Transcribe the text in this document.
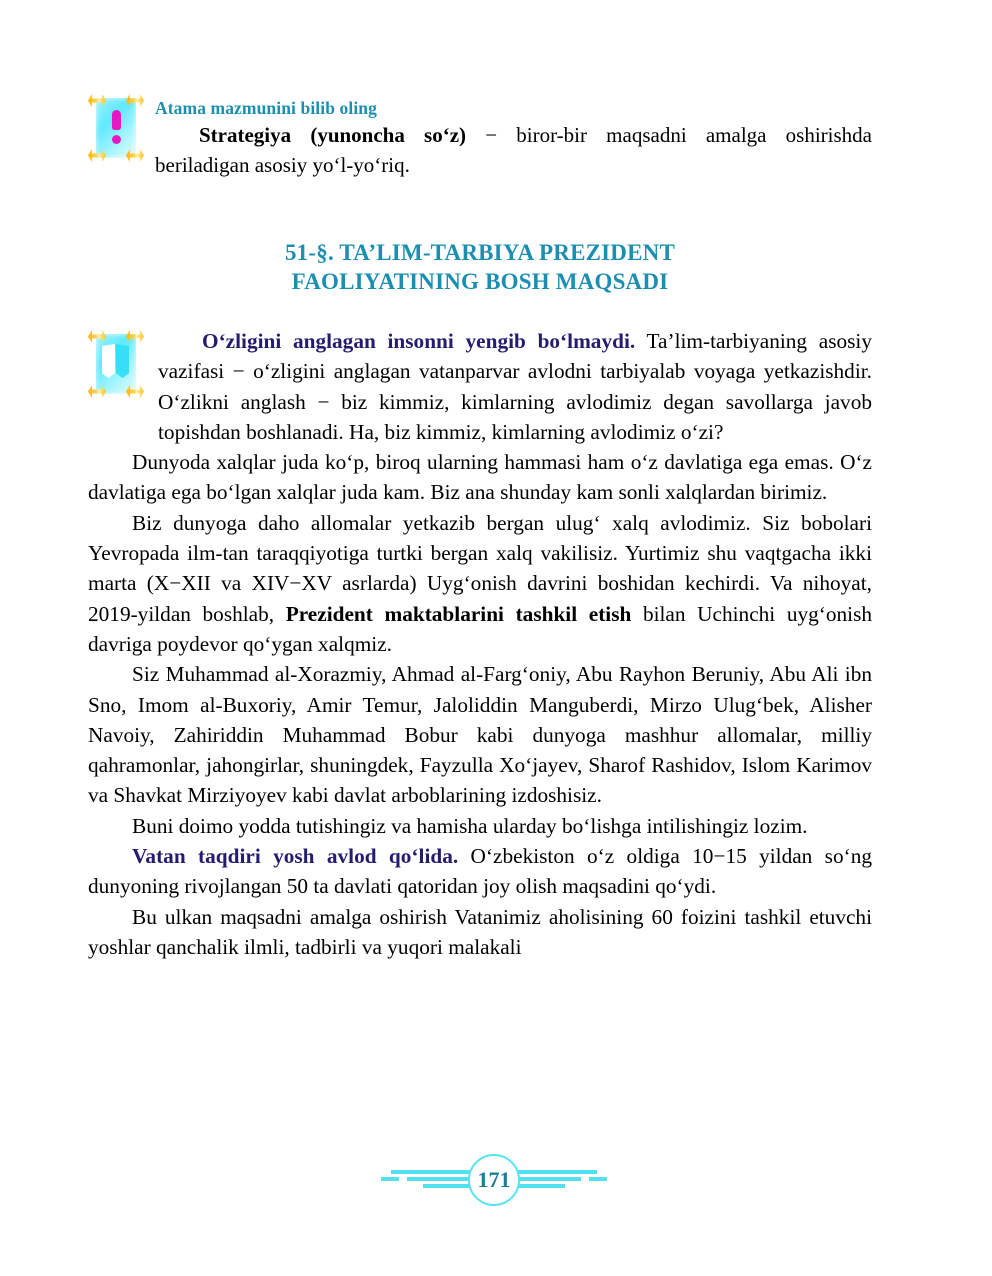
Atama mazmunini bilib oling
Strategiya (yunoncha so‘z) − biror-bir maqsadni amalga oshirishda beriladigan asosiy yo‘l-yo‘riq.
51-§. TA’LIM-TARBIYA PREZIDENT
FAOLIYATINING BOSH MAQSADI

O‘zligini anglagan insonni yengib bo‘lmaydi. Ta’lim-tarbiyaning asosiy vazifasi − o‘zligini anglagan vatanparvar avlodni tarbiyalab voyaga yetkazishdir. O‘zlikni anglash − biz kimmiz, kimlarning avlodimiz degan savollarga javob topishdan boshlanadi. Ha, biz kimmiz, kimlarning avlodimiz o‘zi?

Dunyoda xalqlar juda ko‘p, biroq ularning hammasi ham o‘z davlatiga ega emas. O‘z davlatiga ega bo‘lgan xalqlar juda kam. Biz ana shunday kam sonli xalqlardan birimiz.

Biz dunyoga daho allomalar yetkazib bergan ulug‘ xalq avlodimiz. Siz bobolari Yevropada ilm-tan taraqqiyotiga turtki bergan xalq vakilisiz. Yurtimiz shu vaqtgacha ikki marta (X−XII va XIV−XV asrlarda) Uyg‘onish davrini boshidan kechirdi. Va nihoyat, 2019-yildan boshlab, Prezident maktablarini tashkil etish bilan Uchinchi uyg‘onish davriga poydevor qo‘ygan xalqmiz.

Siz Muhammad al-Xorazmiy, Ahmad al-Farg‘oniy, Abu Rayhon Beruniy, Abu Ali ibn Sno, Imom al-Buxoriy, Amir Temur, Jaloliddin Manguberdi, Mirzo Ulug‘bek, Alisher Navoiy, Zahiriddin Muhammad Bobur kabi dunyoga mashhur allomalar, milliy qahramonlar, jahongirlar, shuningdek, Fayzulla Xo‘jayev, Sharof Rashidov, Islom Karimov va Shavkat Mirziyoyev kabi davlat arboblarining izdoshisiz.

Buni doimo yodda tutishingiz va hamisha ularday bo‘lishga intilishingiz lozim.

Vatan taqdiri yosh avlod qo‘lida. O‘zbekiston o‘z oldiga 10−15 yildan so‘ng dunyoning rivojlangan 50 ta davlati qatoridan joy olish maqsadini qo‘ydi.

Bu ulkan maqsadni amalga oshirish Vatanimiz aholisining 60 foizini tashkil etuvchi yoshlar qanchalik ilmli, tadbirli va yuqori malakali

171
